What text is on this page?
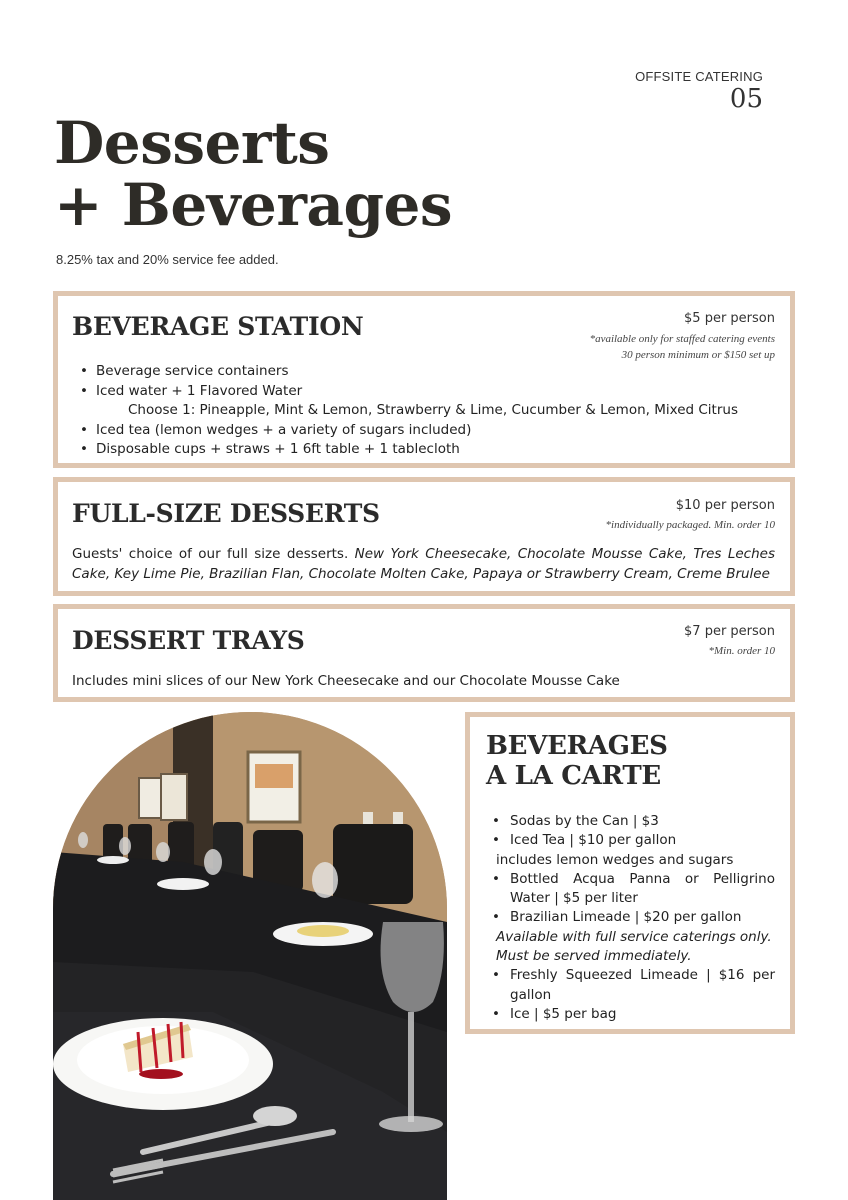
OFFSITE CATERING
05
Desserts
+ Beverages
8.25% tax and 20% service fee added.
BEVERAGE STATION	$5 per person
*available only for staffed catering events
30 person minimum or $150 set up
• Beverage service containers
• Iced water + 1 Flavored Water
Choose 1: Pineapple, Mint & Lemon, Strawberry & Lime, Cucumber & Lemon, Mixed Citrus
• Iced tea (lemon wedges + a variety of sugars included)
• Disposable cups + straws + 1 6ft table + 1 tablecloth
FULL-SIZE DESSERTS	$10 per person
*individually packaged. Min. order 10
Guests' choice of our full size desserts. New York Cheesecake, Chocolate Mousse Cake, Tres Leches Cake, Key Lime Pie, Brazilian Flan, Chocolate Molten Cake, Papaya or Strawberry Cream, Creme Brulee
DESSERT TRAYS	$7 per person
*Min. order 10
Includes mini slices of our New York Cheesecake and our Chocolate Mousse Cake
BEVERAGES
A LA CARTE
• Sodas by the Can | $3
• Iced Tea | $10 per gallon
includes lemon wedges and sugars
• Bottled Acqua Panna or Pelligrino Water | $5 per liter
• Brazilian Limeade | $20 per gallon
Available with full service caterings only.
Must be served immediately.
• Freshly Squeezed Limeade | $16 per gallon
• Ice | $5 per bag
